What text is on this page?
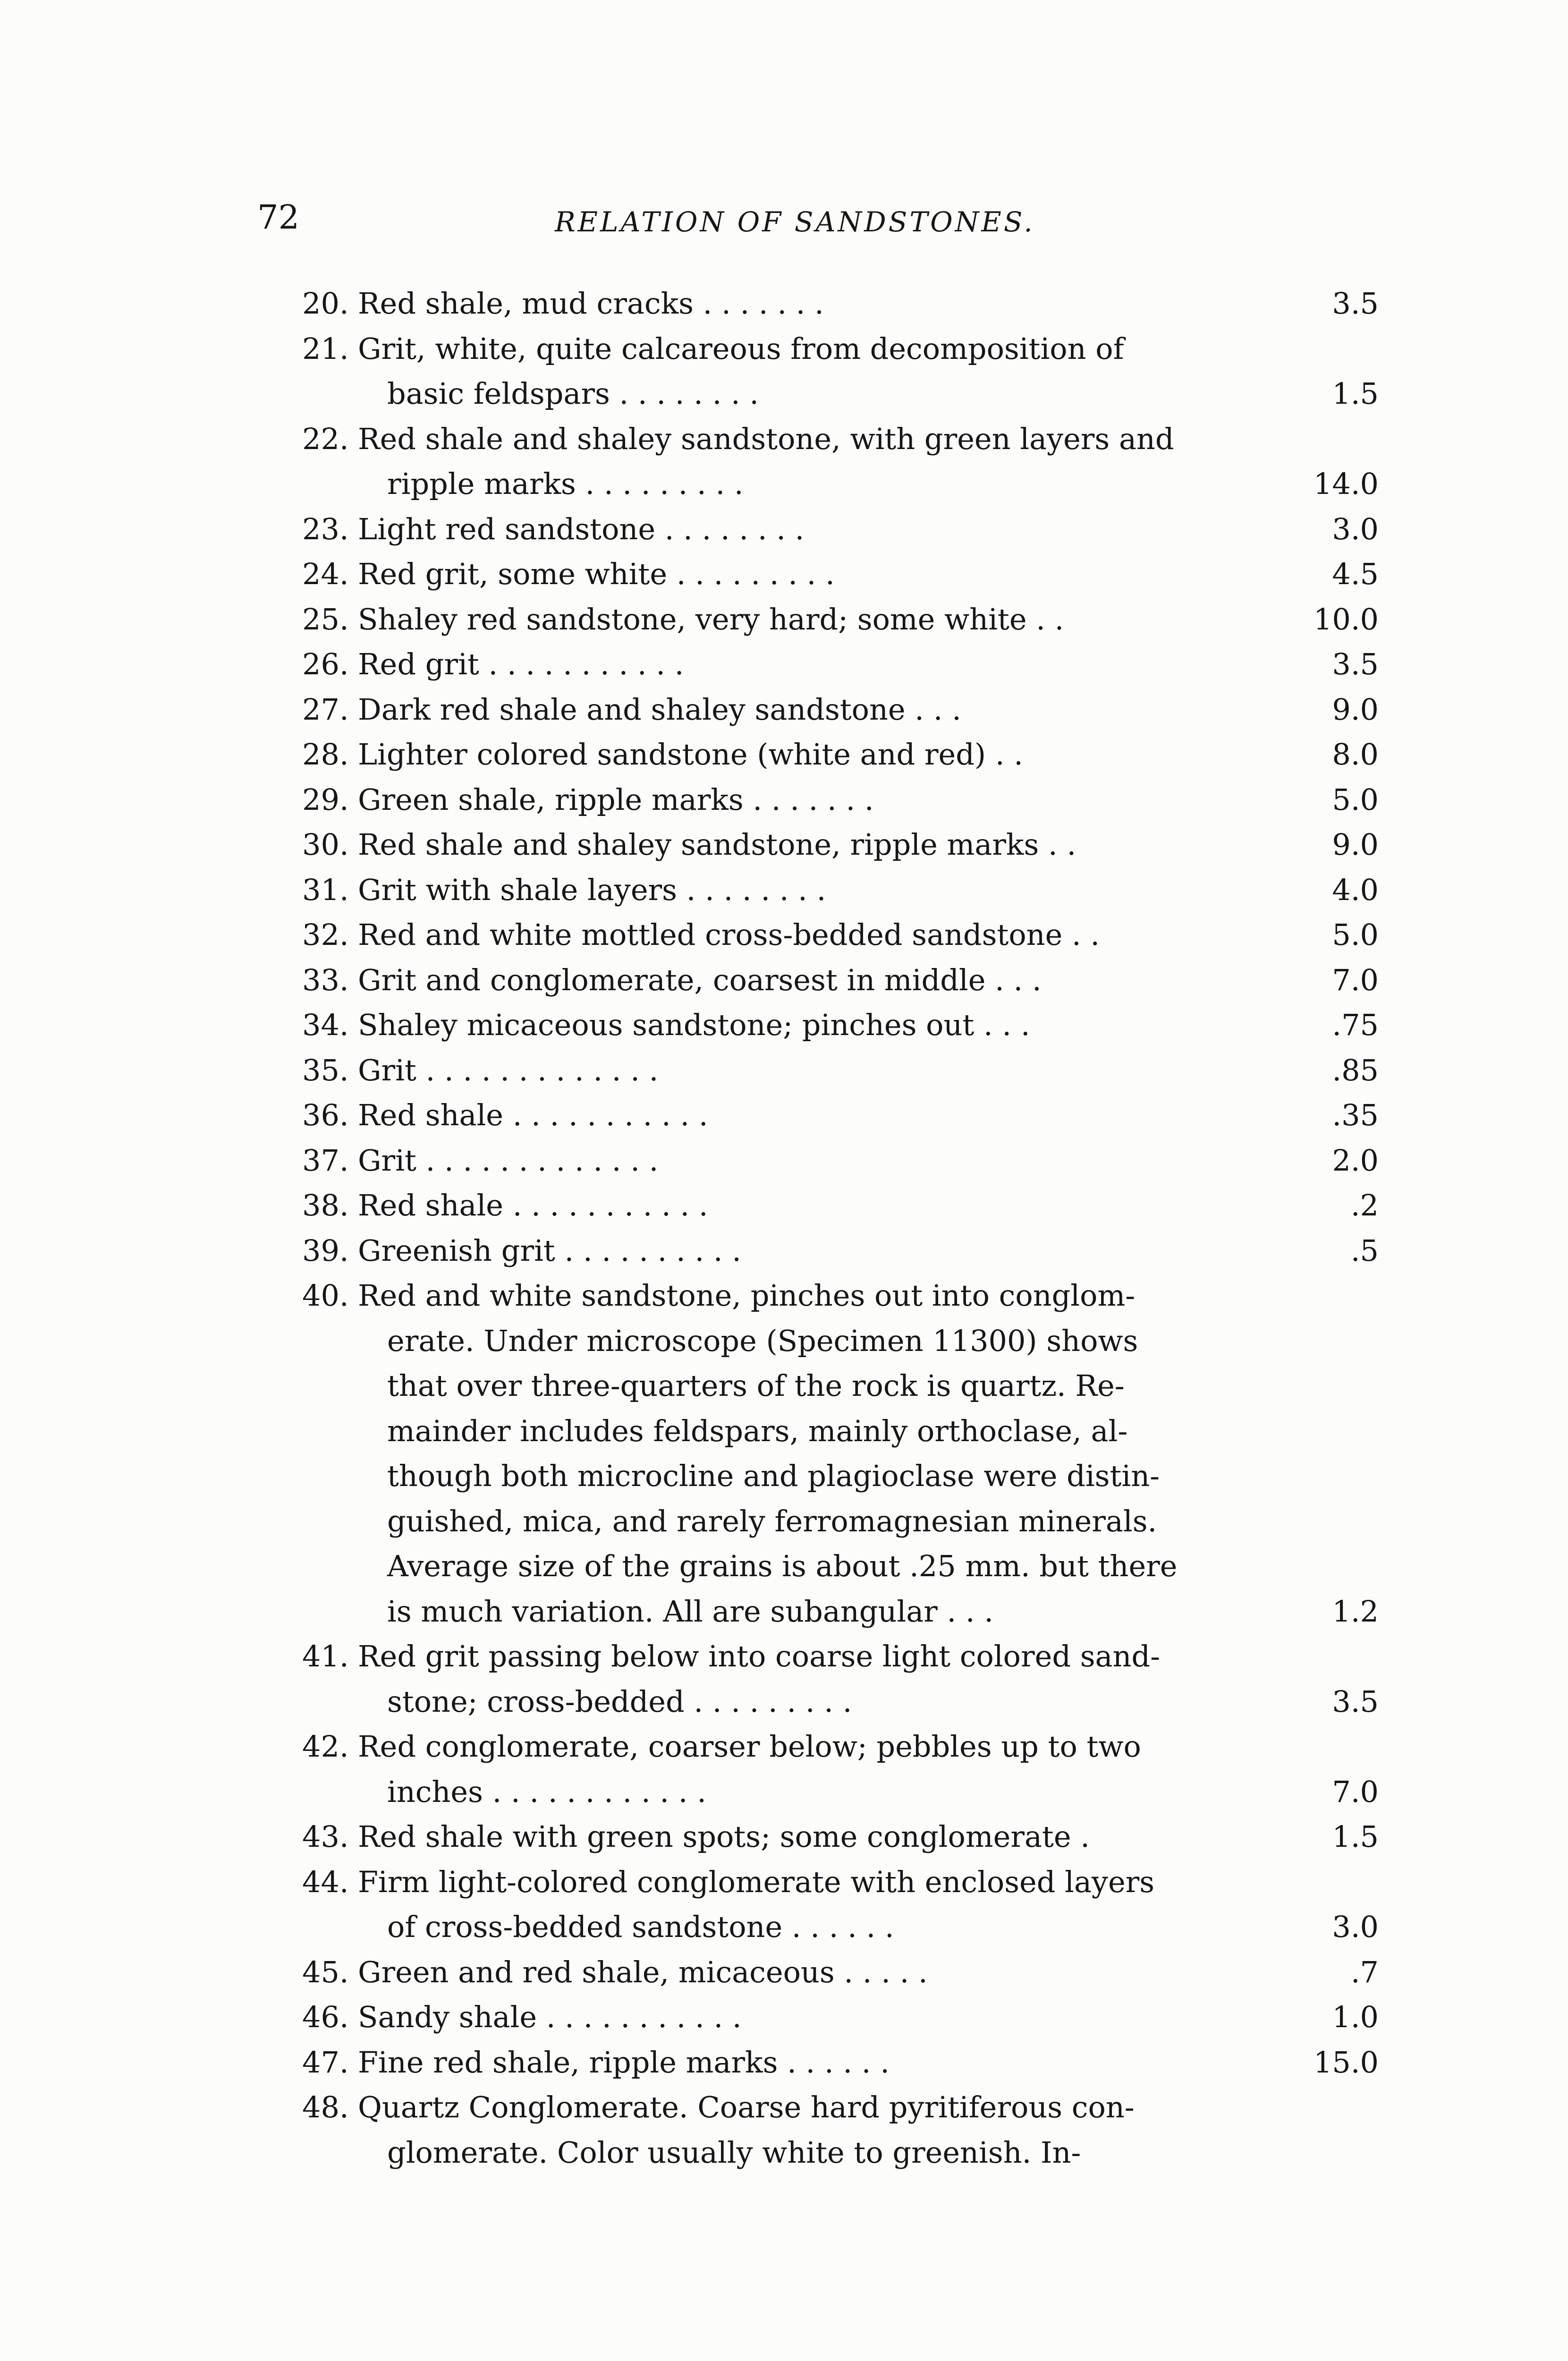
72	RELATION OF SANDSTONES.
20. Red shale, mud cracks . . . . . . .	3.5
21. Grit, white, quite calcareous from decomposition of
basic feldspars . . . . . . . .	1.5
22. Red shale and shaley sandstone, with green layers and
ripple marks . . . . . . . . .	14.0
23. Light red sandstone . . . . . . . .	3.0
24. Red grit, some white . . . . . . . . .	4.5
25. Shaley red sandstone, very hard; some white . .	10.0
26. Red grit . . . . . . . . . . .	3.5
27. Dark red shale and shaley sandstone . . .	9.0
28. Lighter colored sandstone (white and red) . .	8.0
29. Green shale, ripple marks . . . . . . .	5.0
30. Red shale and shaley sandstone, ripple marks . .	9.0
31. Grit with shale layers . . . . . . . .	4.0
32. Red and white mottled cross-bedded sandstone . .	5.0
33. Grit and conglomerate, coarsest in middle . . .	7.0
34. Shaley micaceous sandstone; pinches out . . .	.75
35. Grit . . . . . . . . . . . . .	.85
36. Red shale . . . . . . . . . . .	.35
37. Grit . . . . . . . . . . . . .	2.0
38. Red shale . . . . . . . . . . .	.2
39. Greenish grit . . . . . . . . . .	.5
40. Red and white sandstone, pinches out into conglom-
erate. Under microscope (Specimen 11300) shows
that over three-quarters of the rock is quartz. Re-
mainder includes feldspars, mainly orthoclase, al-
though both microcline and plagioclase were distin-
guished, mica, and rarely ferromagnesian minerals.
Average size of the grains is about .25 mm. but there
is much variation. All are subangular . . .	1.2
41. Red grit passing below into coarse light colored sand-
stone; cross-bedded . . . . . . . . .	3.5
42. Red conglomerate, coarser below; pebbles up to two
inches . . . . . . . . . . . .	7.0
43. Red shale with green spots; some conglomerate .	1.5
44. Firm light-colored conglomerate with enclosed layers
of cross-bedded sandstone . . . . . .	3.0
45. Green and red shale, micaceous . . . . .	.7
46. Sandy shale . . . . . . . . . . .	1.0
47. Fine red shale, ripple marks . . . . . .	15.0
48. Quartz Conglomerate. Coarse hard pyritiferous con-
glomerate. Color usually white to greenish. In-
